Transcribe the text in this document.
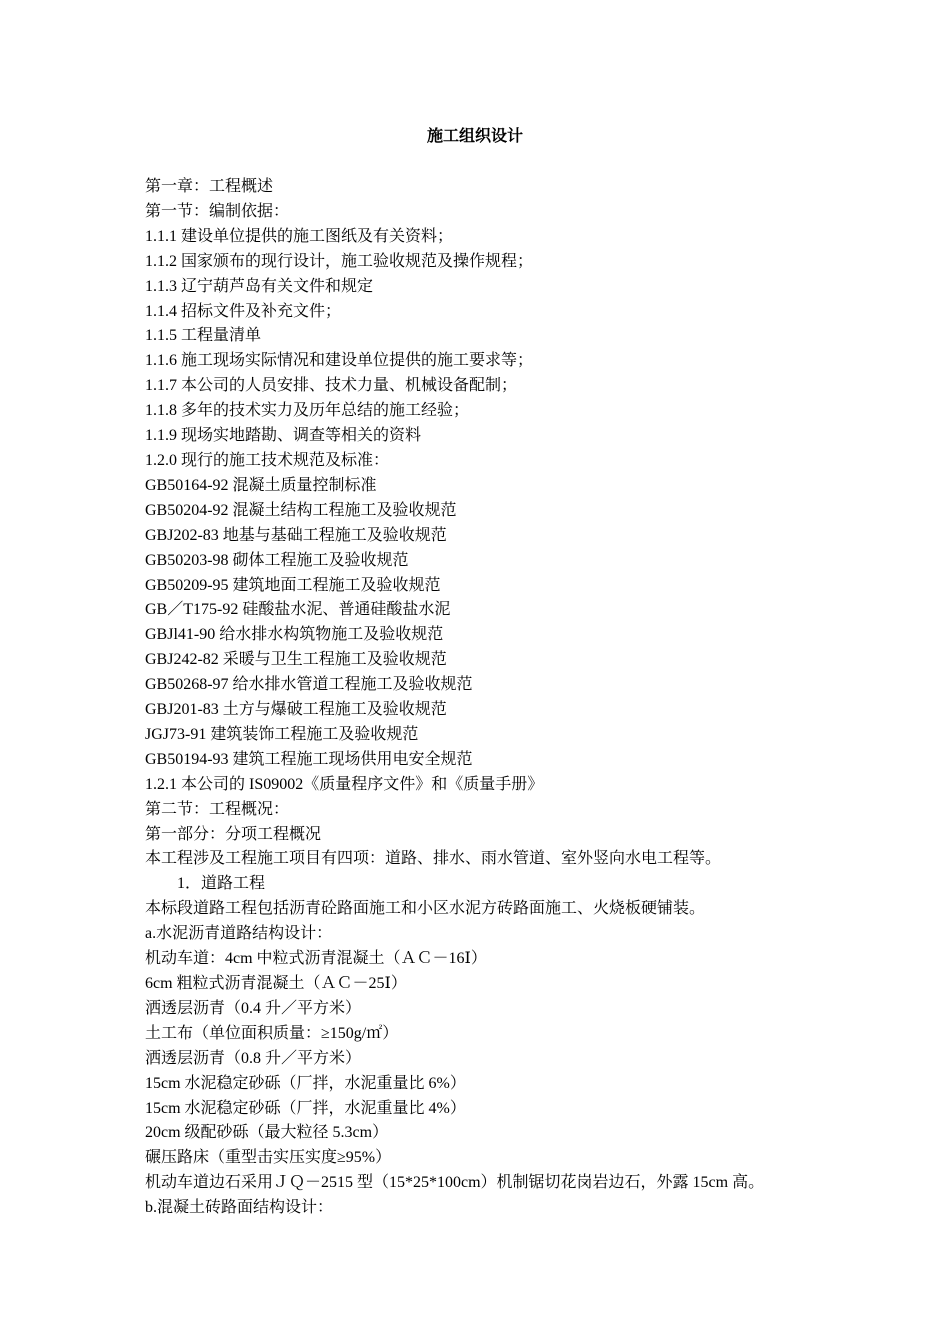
施工组织设计
第一章：工程概述
第一节：编制依据：
1.1.1 建设单位提供的施工图纸及有关资料；
1.1.2 国家颁布的现行设计，施工验收规范及操作规程；
1.1.3 辽宁葫芦岛有关文件和规定
1.1.4 招标文件及补充文件；
1.1.5 工程量清单
1.1.6 施工现场实际情况和建设单位提供的施工要求等；
1.1.7 本公司的人员安排、技术力量、机械设备配制；
1.1.8 多年的技术实力及历年总结的施工经验；
1.1.9 现场实地踏勘、调查等相关的资料
1.2.0 现行的施工技术规范及标准：
GB50164-92 混凝土质量控制标准
GB50204-92 混凝土结构工程施工及验收规范
GBJ202-83 地基与基础工程施工及验收规范
GB50203-98 砌体工程施工及验收规范
GB50209-95 建筑地面工程施工及验收规范
GB／T175-92 硅酸盐水泥、普通硅酸盐水泥
GBJl41-90 给水排水构筑物施工及验收规范
GBJ242-82 采暖与卫生工程施工及验收规范
GB50268-97 给水排水管道工程施工及验收规范
GBJ201-83 土方与爆破工程施工及验收规范
JGJ73-91 建筑装饰工程施工及验收规范
GB50194-93 建筑工程施工现场供用电安全规范
1.2.1 本公司的 IS09002《质量程序文件》和《质量手册》
第二节：工程概况：
第一部分：分项工程概况
本工程涉及工程施工项目有四项：道路、排水、雨水管道、室外竖向水电工程等。
1．道路工程
本标段道路工程包括沥青砼路面施工和小区水泥方砖路面施工、火烧板硬铺装。
a.水泥沥青道路结构设计：
机动车道：4cm 中粒式沥青混凝土（ＡＣ－16Ⅰ）
6cm 粗粒式沥青混凝土（ＡＣ－25Ⅰ）
洒透层沥青（0.4 升／平方米）
土工布（单位面积质量：≥150g/㎡）
洒透层沥青（0.8 升／平方米）
15cm 水泥稳定砂砾（厂拌，水泥重量比 6%）
15cm 水泥稳定砂砾（厂拌，水泥重量比 4%）
20cm 级配砂砾（最大粒径 5.3cm）
碾压路床（重型击实压实度≥95%）
机动车道边石采用ＪＱ－2515 型（15*25*100cm）机制锯切花岗岩边石，外露 15cm 高。
b.混凝土砖路面结构设计：
